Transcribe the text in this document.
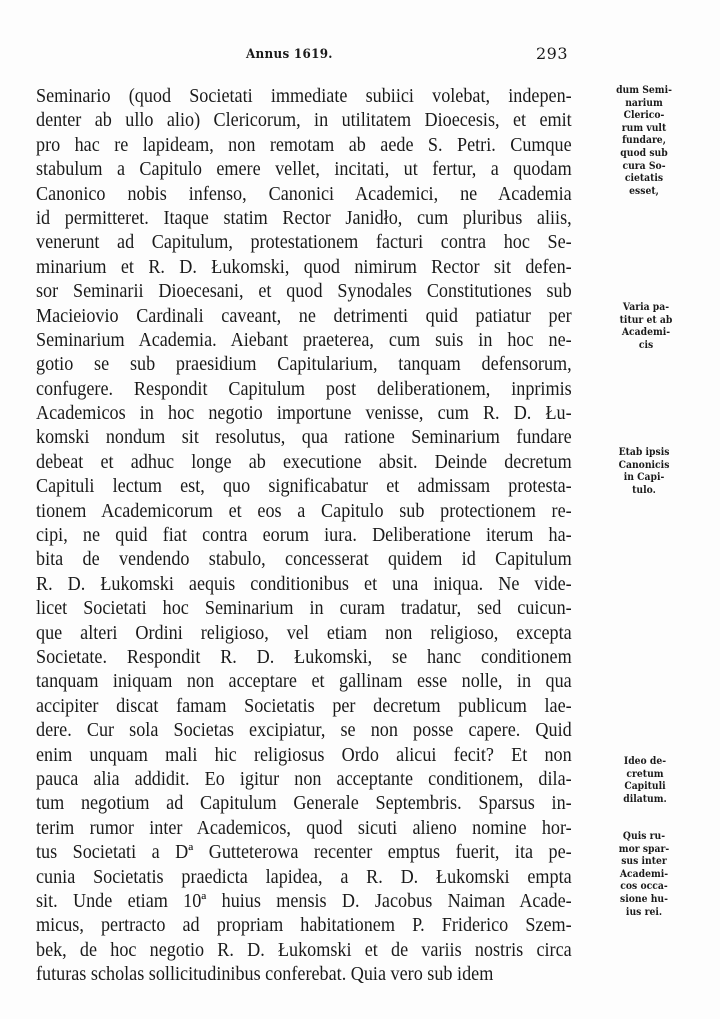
Annus 1619.	293
Seminario (quod Societati immediate subiici volebat, indepen-
denter ab ullo alio) Clericorum, in utilitatem Dioecesis, et emit
pro hac re lapideam, non remotam ab aede S. Petri. Cumque
stabulum a Capitulo emere vellet, incitati, ut fertur, a quodam
Canonico nobis infenso, Canonici Academici, ne Academia
id permitteret. Itaque statim Rector Janidło, cum pluribus aliis,
venerunt ad Capitulum, protestationem facturi contra hoc Se-
minarium et R. D. Łukomski, quod nimirum Rector sit defen-
sor Seminarii Dioecesani, et quod Synodales Constitutiones sub
Macieiovio Cardinali caveant, ne detrimenti quid patiatur per
Seminarium Academia. Aiebant praeterea, cum suis in hoc ne-
gotio se sub praesidium Capitularium, tanquam defensorum,
confugere. Respondit Capitulum post deliberationem, inprimis
Academicos in hoc negotio importune venisse, cum R. D. Łu-
komski nondum sit resolutus, qua ratione Seminarium fundare
debeat et adhuc longe ab executione absit. Deinde decretum
Capituli lectum est, quo significabatur et admissam protesta-
tionem Academicorum et eos a Capitulo sub protectionem re-
cipi, ne quid fiat contra eorum iura. Deliberatione iterum ha-
bita de vendendo stabulo, concesserat quidem id Capitulum
R. D. Łukomski aequis conditionibus et una iniqua. Ne vide-
licet Societati hoc Seminarium in curam tradatur, sed cuicun-
que alteri Ordini religioso, vel etiam non religioso, excepta
Societate. Respondit R. D. Łukomski, se hanc conditionem
tanquam iniquam non acceptare et gallinam esse nolle, in qua
accipiter discat famam Societatis per decretum publicum lae-
dere. Cur sola Societas excipiatur, se non posse capere. Quid
enim unquam mali hic religiosus Ordo alicui fecit? Et non
pauca alia addidit. Eo igitur non acceptante conditionem, dila-
tum negotium ad Capitulum Generale Septembris. Sparsus in-
terim rumor inter Academicos, quod sicuti alieno nomine hor-
tus Societati a Dª Gutteterowa recenter emptus fuerit, ita pe-
cunia Societatis praedicta lapidea, a R. D. Łukomski empta
sit. Unde etiam 10ª huius mensis D. Jacobus Naiman Acade-
micus, pertracto ad propriam habitationem P. Friderico Szem-
bek, de hoc negotio R. D. Łukomski et de variis nostris circa
futuras scholas sollicitudinibus conferebat. Quia vero sub idem
dum Semi-
narium
Clerico-
rum vult
fundare,
quod sub
cura So-
cietatis
esset,
Varia pa-
titur et ab
Academi-
cis
Etab ipsis
Canonicis
in Capi-
tulo.
Ideo de-
cretum
Capituli
dilatum.
Quis ru-
mor spar-
sus inter
Academi-
cos occa-
sione hu-
ius rei.
